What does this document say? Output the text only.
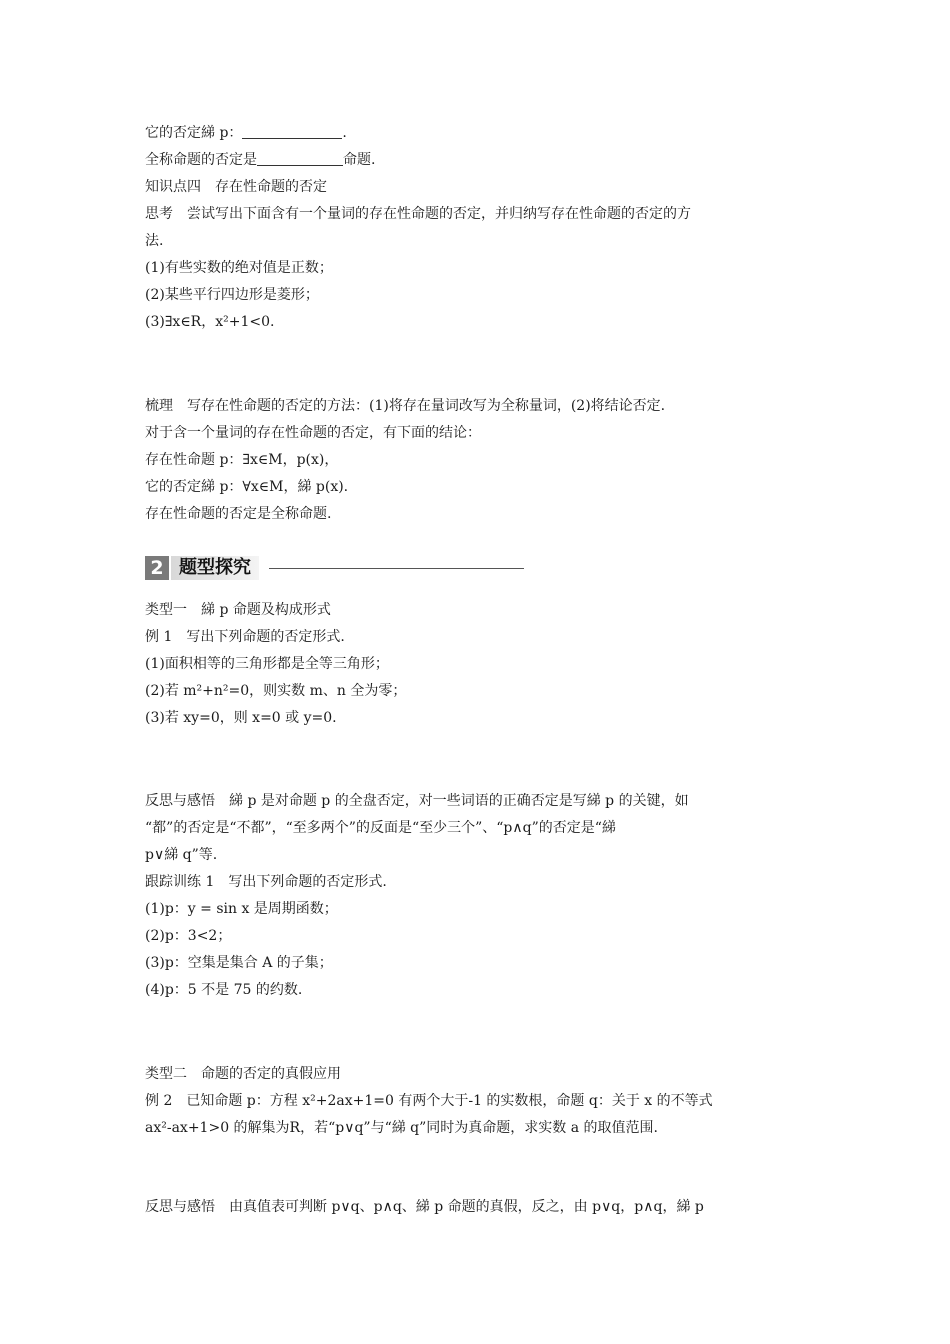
它的否定綈 p：	.
全称命题的否定是	命题.
知识点四　存在性命题的否定
思考　尝试写出下面含有一个量词的存在性命题的否定，并归纳写存在性命题的否定的方
法.
(1)有些实数的绝对值是正数；
(2)某些平行四边形是菱形；
(3)∃x∈R，x²+1<0.
梳理　写存在性命题的否定的方法：(1)将存在量词改写为全称量词，(2)将结论否定.
对于含一个量词的存在性命题的否定，有下面的结论：
存在性命题 p：∃x∈M，p(x)，
它的否定綈 p：∀x∈M，綈 p(x).
存在性命题的否定是全称命题.
2 题型探究
类型一　綈 p 命题及构成形式
例 1　写出下列命题的否定形式.
(1)面积相等的三角形都是全等三角形；
(2)若 m²+n²=0，则实数 m、n 全为零；
(3)若 xy=0，则 x=0 或 y=0.
反思与感悟　綈 p 是对命题 p 的全盘否定，对一些词语的正确否定是写綈 p 的关键，如
“都”的否定是“不都”，“至多两个”的反面是“至少三个”、“p∧q”的否定是“綈
p∨綈 q”等.
跟踪训练 1　写出下列命题的否定形式.
(1)p：y = sin x 是周期函数；
(2)p：3<2；
(3)p：空集是集合 A 的子集；
(4)p：5 不是 75 的约数.
类型二　命题的否定的真假应用
例 2　已知命题 p：方程 x²+2ax+1=0 有两个大于-1 的实数根，命题 q：关于 x 的不等式
ax²-ax+1>0 的解集为R，若“p∨q”与“綈 q”同时为真命题，求实数 a 的取值范围.
反思与感悟　由真值表可判断 p∨q、p∧q、綈 p 命题的真假，反之，由 p∨q，p∧q，綈 p
